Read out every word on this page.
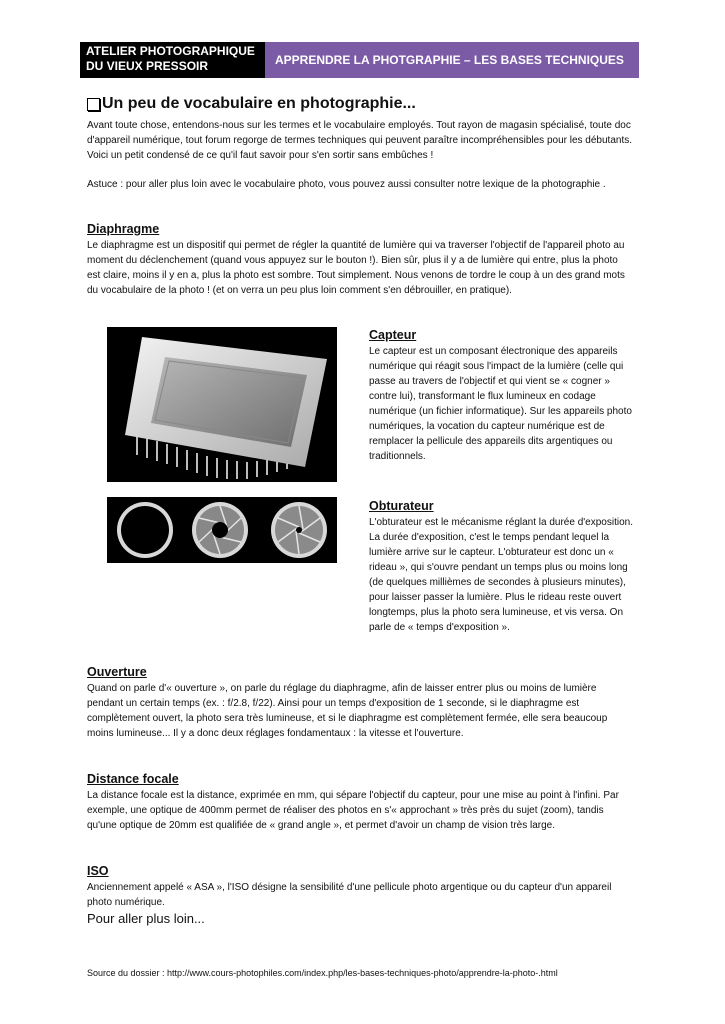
ATELIER PHOTOGRAPHIQUE
DU VIEUX PRESSOIR	APPRENDRE LA PHOTGRAPHIE – LES BASES TECHNIQUES
Un peu de vocabulaire en photographie...

Avant toute chose, entendons-nous sur les termes et le vocabulaire employés. Tout rayon de magasin spécialisé, toute doc d'appareil numérique, tout forum regorge de termes techniques qui peuvent paraître incompréhensibles pour les débutants. Voici un petit condensé de ce qu'il faut savoir pour s'en sortir sans embûches !

Astuce : pour aller plus loin avec le vocabulaire photo, vous pouvez aussi consulter notre lexique de la photographie .

Diaphragme

Le diaphragme est un dispositif qui permet de régler la quantité de lumière qui va traverser l'objectif de l'appareil photo au moment du déclenchement (quand vous appuyez sur le bouton !). Bien sûr, plus il y a de lumière qui entre, plus la photo est claire, moins il y en a, plus la photo est sombre. Tout simplement. Nous venons de tordre le coup à un des grand mots du vocabulaire de la photo ! (et on verra un peu plus loin comment s'en débrouiller, en pratique).

Capteur

Le capteur est un composant électronique des appareils numérique qui réagit sous l'impact de la lumière (celle qui passe au travers de l'objectif et qui vient se « cogner » contre lui), transformant le flux lumineux en codage numérique (un fichier informatique). Sur les appareils photo numériques, la vocation du capteur numérique est de remplacer la pellicule des appareils dits argentiques ou traditionnels.

Obturateur

L'obturateur est le mécanisme réglant la durée d'exposition. La durée d'exposition, c'est le temps pendant lequel la lumière arrive sur le capteur. L'obturateur est donc un « rideau », qui s'ouvre pendant un temps plus ou moins long (de quelques millièmes de secondes à plusieurs minutes), pour laisser passer la lumière. Plus le rideau reste ouvert longtemps, plus la photo sera lumineuse, et vis versa. On parle de « temps d'exposition ».

Ouverture

Quand on parle d'« ouverture », on parle du réglage du diaphragme, afin de laisser entrer plus ou moins de lumière pendant un certain temps (ex. : f/2.8, f/22). Ainsi pour un temps d'exposition de 1 seconde, si le diaphragme est complètement ouvert, la photo sera très lumineuse, et si le diaphragme est complètement fermée, elle sera beaucoup moins lumineuse... Il y a donc deux réglages fondamentaux : la vitesse et l'ouverture.

Distance focale

La distance focale est la distance, exprimée en mm, qui sépare l'objectif du capteur, pour une mise au point à l'infini. Par exemple, une optique de 400mm permet de réaliser des photos en s'« approchant » très près du sujet (zoom), tandis qu'une optique de 20mm est qualifiée de « grand angle », et permet d'avoir un champ de vision très large.

ISO

Anciennement appelé « ASA », l'ISO désigne la sensibilité d'une pellicule photo argentique ou du capteur d'un appareil photo numérique.

Pour aller plus loin...
Source du dossier : http://www.cours-photophiles.com/index.php/les-bases-techniques-photo/apprendre-la-photo-.html
